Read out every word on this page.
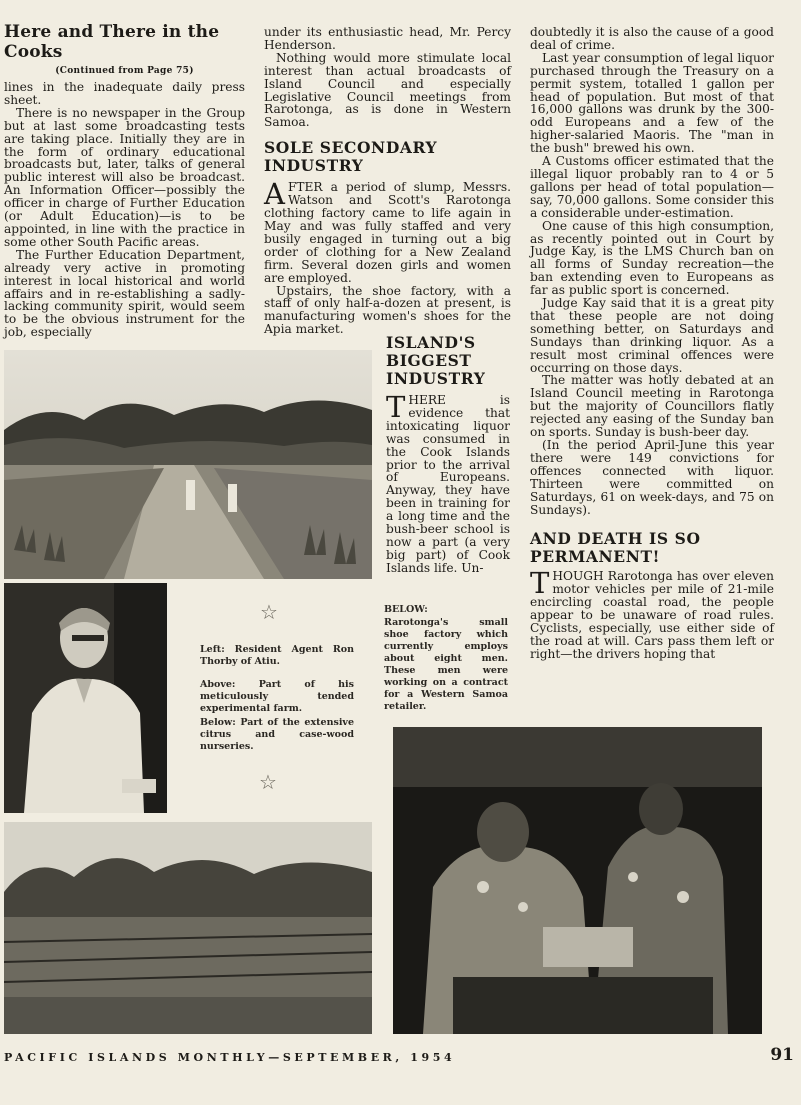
Here and There in the Cooks
(Continued from Page 75)

lines in the inadequate daily press sheet.

There is no newspaper in the Group but at last some broadcasting tests are taking place. Initially they are in the form of ordinary educational broadcasts but, later, talks of general public interest will also be broadcast. An Information Officer—possibly the officer in charge of Further Education (or Adult Education)—is to be appointed, in line with the practice in some other South Pacific areas.

The Further Education Department, already very active in promoting interest in local historical and world affairs and in re-establishing a sadly-lacking community spirit, would seem to be the obvious instrument for the job, especially

under its enthusiastic head, Mr. Percy Henderson.

Nothing would more stimulate local interest than actual broadcasts of Island Council and especially Legislative Council meetings from Rarotonga, as is done in Western Samoa.

SOLE SECONDARY INDUSTRY

AFTER a period of slump, Messrs. Watson and Scott's Rarotonga clothing factory came to life again in May and was fully staffed and very busily engaged in turning out a big order of clothing for a New Zealand firm. Several dozen girls and women are employed.

Upstairs, the shoe factory, with a staff of only half-a-dozen at present, is manufacturing women's shoes for the Apia market.

ISLAND'S BIGGEST INDUSTRY

THERE is evidence that intoxicating liquor was consumed in the Cook Islands prior to the arrival of Europeans. Anyway, they have been in training for a long time and the bush-beer school is now a part (a very big part) of Cook Islands life. Un-

doubtedly it is also the cause of a good deal of crime.

Last year consumption of legal liquor purchased through the Treasury on a permit system, totalled 1 gallon per head of population. But most of that 16,000 gallons was drunk by the 300-odd Europeans and a few of the higher-salaried Maoris. The "man in the bush" brewed his own.

A Customs officer estimated that the illegal liquor probably ran to 4 or 5 gallons per head of total population—say, 70,000 gallons. Some consider this a considerable under-estimation.

One cause of this high consumption, as recently pointed out in Court by Judge Kay, is the LMS Church ban on all forms of Sunday recreation—the ban extending even to Europeans as far as public sport is concerned.

Judge Kay said that it is a great pity that these people are not doing something better, on Saturdays and Sundays than drinking liquor. As a result most criminal offences were occurring on those days.

The matter was hotly debated at an Island Council meeting in Rarotonga but the majority of Councillors flatly rejected any easing of the Sunday ban on sports. Sunday is bush-beer day.

(In the period April-June this year there were 149 convictions for offences connected with liquor. Thirteen were committed on Saturdays, 61 on week-days, and 75 on Sundays).

AND DEATH IS SO PERMANENT!

THOUGH Rarotonga has over eleven motor vehicles per mile of 21-mile encircling coastal road, the people appear to be unaware of road rules. Cyclists, especially, use either side of the road at will. Cars pass them left or right—the drivers hoping that

☆
☆
Left: Resident Agent Ron Thorby of Atiu.
Above: Part of his meticulously tended experimental farm.
Below: Part of the extensive citrus and case-wood nurseries.
BELOW:
Rarotonga's small shoe factory which currently employs about eight men. These men were working on a contract for a Western Samoa retailer.
PACIFIC ISLANDS MONTHLY—SEPTEMBER, 1954	91
